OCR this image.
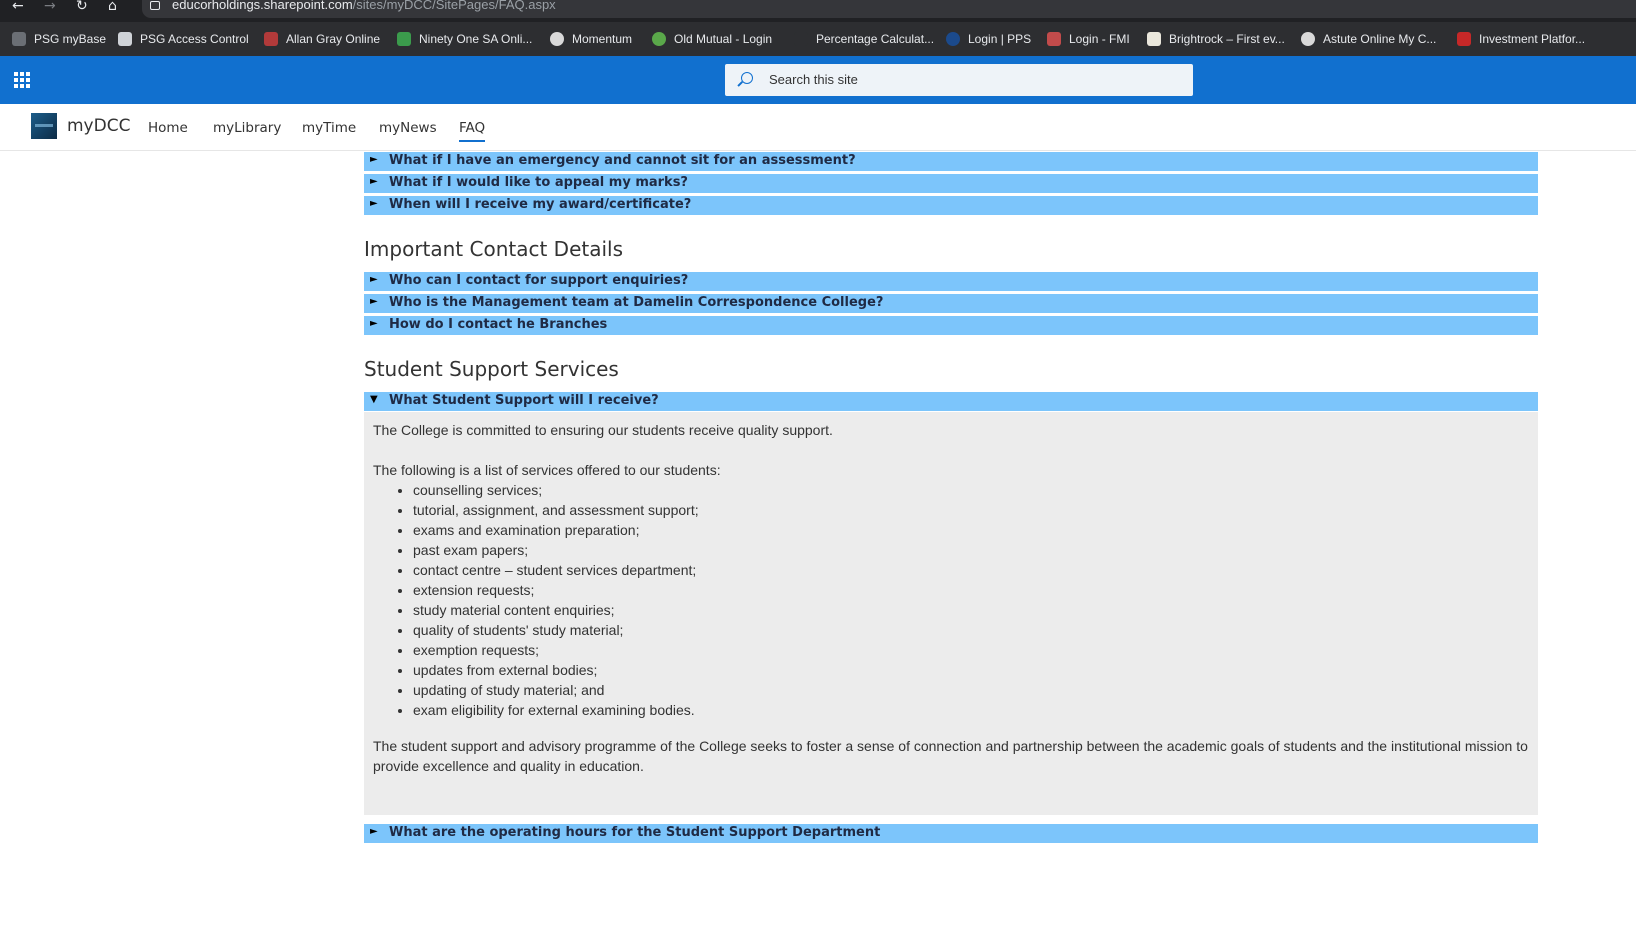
← → ↻ ⌂	educorholdings.sharepoint.com/sites/myDCC/SitePages/FAQ.aspx
PSG myBase	PSG Access Control	Allan Gray Online	Ninety One SA Onli...	Momentum	Old Mutual - Login	Percentage Calculat...	Login | PPS	Login - FMI	Brightrock – First ev...	Astute Online My C...	Investment Platfor...
Search this site
myDCC Home myLibrary myTime myNews FAQ
► What if I have an emergency and cannot sit for an assessment?
► What if I would like to appeal my marks?
► When will I receive my award/certificate?
Important Contact Details
► Who can I contact for support enquiries?
► Who is the Management team at Damelin Correspondence College?
► How do I contact he Branches
Student Support Services
▼ What Student Support will I receive?

The College is committed to ensuring our students receive quality support.

The following is a list of services offered to our students:

• counselling services;
• tutorial, assignment, and assessment support;
• exams and examination preparation;
• past exam papers;
• contact centre – student services department;
• extension requests;
• study material content enquiries;
• quality of students' study material;
• exemption requests;
• updates from external bodies;
• updating of study material; and
• exam eligibility for external examining bodies.

The student support and advisory programme of the College seeks to foster a sense of connection and partnership between the academic goals of students and the institutional mission to provide excellence and quality in education.

► What are the operating hours for the Student Support Department
